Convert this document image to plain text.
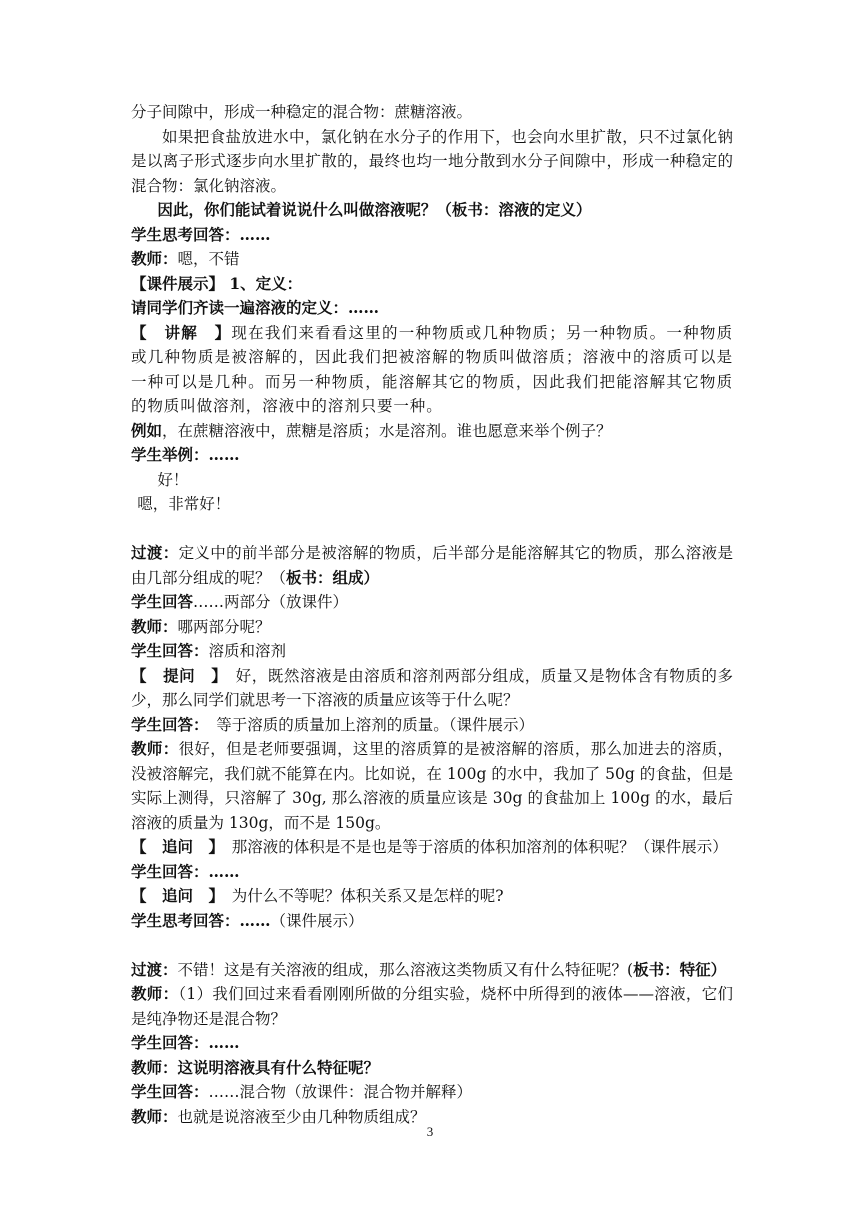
分子间隙中，形成一种稳定的混合物：蔗糖溶液。

如果把食盐放进水中，氯化钠在水分子的作用下，也会向水里扩散，只不过氯化钠是以离子形式逐步向水里扩散的，最终也均一地分散到水分子间隙中，形成一种稳定的混合物：氯化钠溶液。

因此，你们能试着说说什么叫做溶液呢？（板书：溶液的定义）

学生思考回答：……

教师：嗯，不错

【课件展示】 1、定义：

请同学们齐读一遍溶液的定义：……

【　讲解　】现在我们来看看这里的一种物质或几种物质；另一种物质。一种物质或几种物质是被溶解的，因此我们把被溶解的物质叫做溶质；溶液中的溶质可以是一种可以是几种。而另一种物质，能溶解其它的物质，因此我们把能溶解其它物质的物质叫做溶剂，溶液中的溶剂只要一种。

例如，在蔗糖溶液中，蔗糖是溶质；水是溶剂。谁也愿意来举个例子？

学生举例：……

好！

嗯，非常好！

过渡：定义中的前半部分是被溶解的物质，后半部分是能溶解其它的物质，那么溶液是由几部分组成的呢？（板书：组成）

学生回答……两部分（放课件）

教师：哪两部分呢？

学生回答：溶质和溶剂

【　提问　】　好，既然溶液是由溶质和溶剂两部分组成，质量又是物体含有物质的多少，那么同学们就思考一下溶液的质量应该等于什么呢？

学生回答：　等于溶质的质量加上溶剂的质量。（课件展示）

教师：很好，但是老师要强调，这里的溶质算的是被溶解的溶质，那么加进去的溶质，没被溶解完，我们就不能算在内。比如说，在 100g 的水中，我加了 50g 的食盐，但是实际上测得，只溶解了 30g, 那么溶液的质量应该是 30g 的食盐加上 100g 的水，最后溶液的质量为 130g，而不是 150g。

【　追问　】　那溶液的体积是不是也是等于溶质的体积加溶剂的体积呢？（课件展示）

学生回答：……

【　追问　】　为什么不等呢？体积关系又是怎样的呢?

学生思考回答：……（课件展示）

过渡：不错！这是有关溶液的组成，那么溶液这类物质又有什么特征呢？(板书：特征）

教师：（1）我们回过来看看刚刚所做的分组实验，烧杯中所得到的液体——溶液，它们是纯净物还是混合物？

学生回答：……

教师：这说明溶液具有什么特征呢？

学生回答：……混合物（放课件：混合物并解释）

教师：也就是说溶液至少由几种物质组成？

3
